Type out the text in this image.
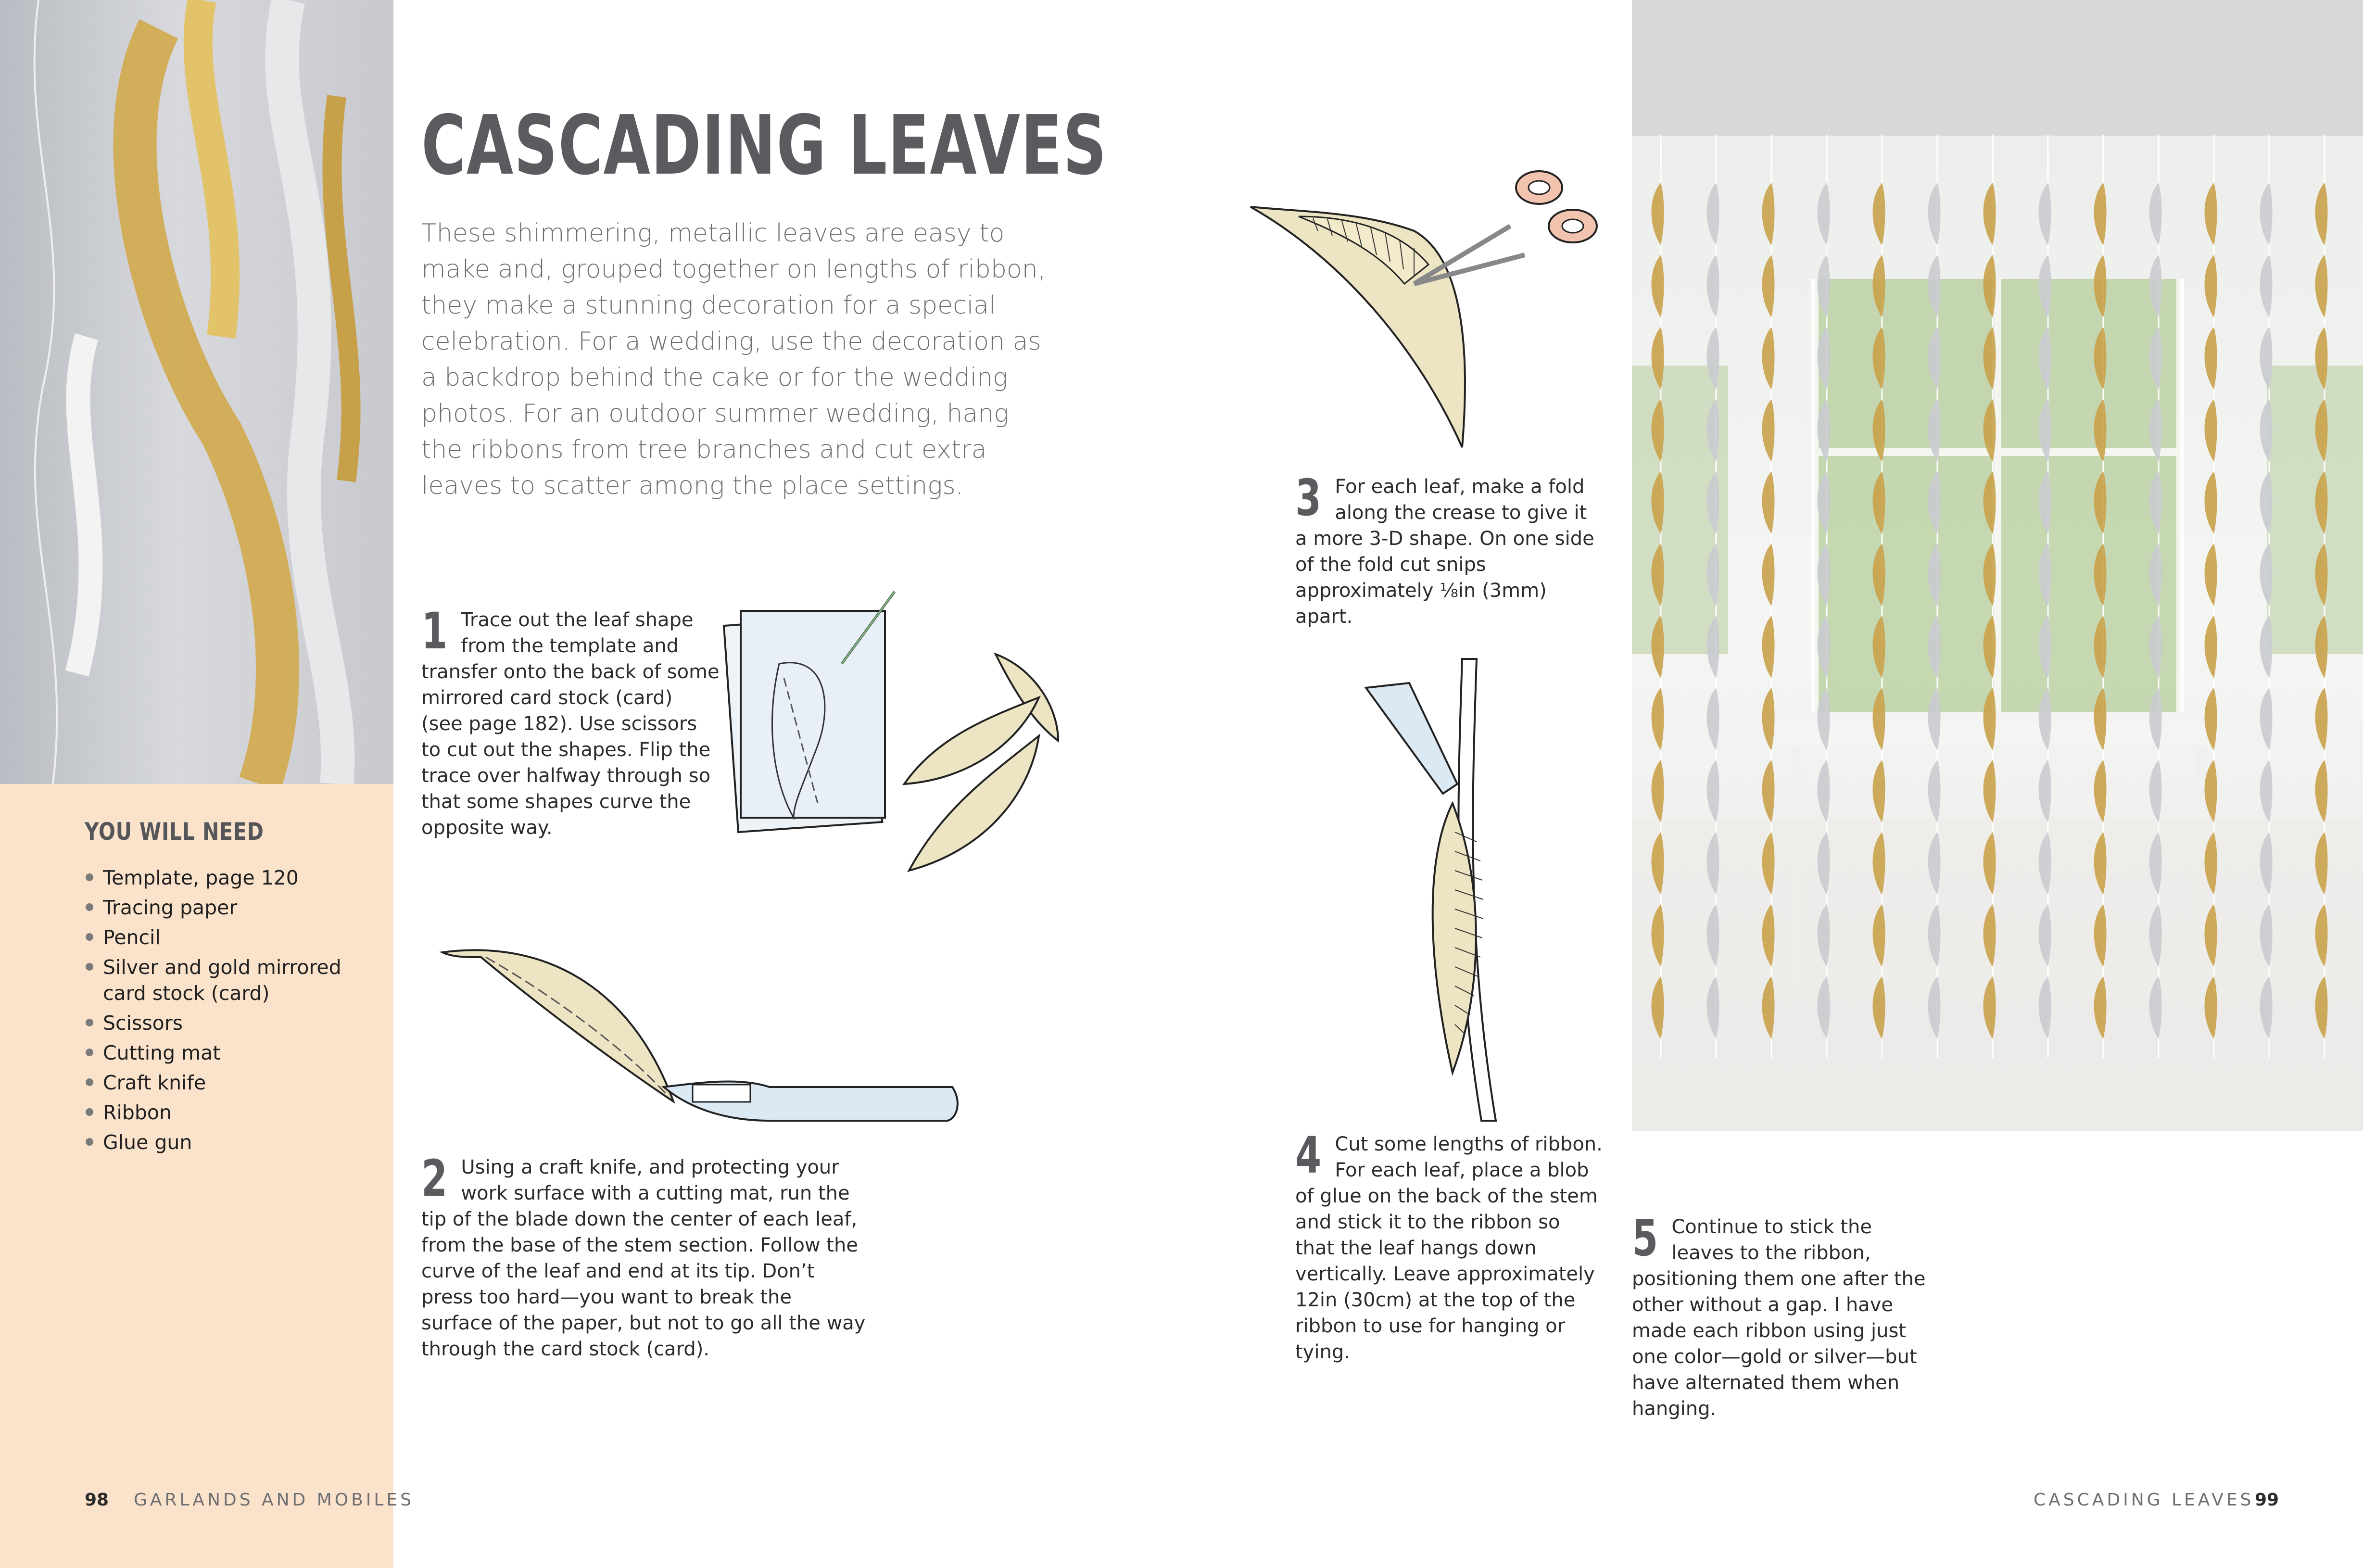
YOU WILL NEED
Template, page 120
Tracing paper
Pencil
Silver and gold mirrored card stock (card)
Scissors
Cutting mat
Craft knife
Ribbon
Glue gun
CASCADING LEAVES
These shimmering, metallic leaves are easy to make and, grouped together on lengths of ribbon, they make a stunning decoration for a special celebration. For a wedding, use the decoration as a backdrop behind the cake or for the wedding photos. For an outdoor summer wedding, hang the ribbons from tree branches and cut extra leaves to scatter among the place settings.
1 Trace out the leaf shape from the template and transfer onto the back of some mirrored card stock (card) (see page 182). Use scissors to cut out the shapes. Flip the trace over halfway through so that some shapes curve the opposite way.
2 Using a craft knife, and protecting your work surface with a cutting mat, run the tip of the blade down the center of each leaf, from the base of the stem section. Follow the curve of the leaf and end at its tip. Don’t press too hard—you want to break the surface of the paper, but not to go all the way through the card stock (card).
3 For each leaf, make a fold along the crease to give it a more 3-D shape. On one side of the fold cut snips approximately ⅛in (3mm) apart.
4 Cut some lengths of ribbon. For each leaf, place a blob of glue on the back of the stem and stick it to the ribbon so that the leaf hangs down vertically. Leave approximately 12in (30cm) at the top of the ribbon to use for hanging or tying.
5 Continue to stick the leaves to the ribbon, positioning them one after the other without a gap. I have made each ribbon using just one color—gold or silver—but have alternated them when hanging.
98 GARLANDS AND MOBILES	CASCADING LEAVES 99
